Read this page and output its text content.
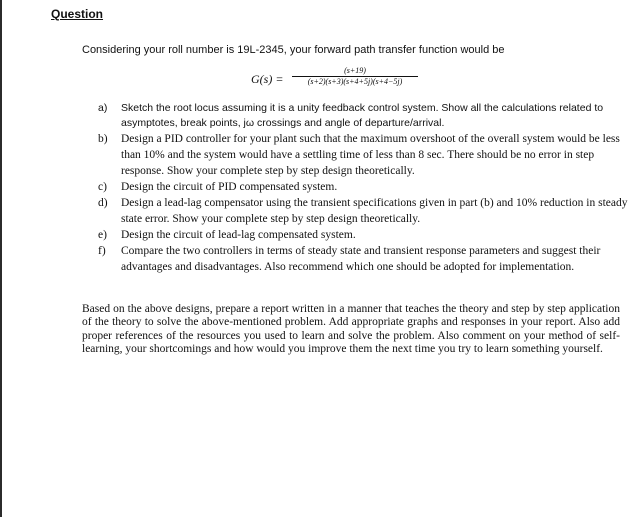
Question
Considering your roll number is 19L-2345, your forward path transfer function would be
$G(s) = \frac{(s+19)}{(s+2)(s+3)(s+4+5j)(s+4-5j)}$
a) Sketch the root locus assuming it is a unity feedback control system. Show all the calculations related to asymptotes, break points, jω crossings and angle of departure/arrival.
b) Design a PID controller for your plant such that the maximum overshoot of the overall system would be less than 10% and the system would have a settling time of less than 8 sec. There should be no error in step response. Show your complete step by step design theoretically.
c) Design the circuit of PID compensated system.
d) Design a lead-lag compensator using the transient specifications given in part (b) and 10% reduction in steady state error. Show your complete step by step design theoretically.
e) Design the circuit of lead-lag compensated system.
f) Compare the two controllers in terms of steady state and transient response parameters and suggest their advantages and disadvantages. Also recommend which one should be adopted for implementation.
Based on the above designs, prepare a report written in a manner that teaches the theory and step by step application of the theory to solve the above-mentioned problem. Add appropriate graphs and responses in your report. Also add proper references of the resources you used to learn and solve the problem. Also comment on your method of self-learning, your shortcomings and how would you improve them the next time you try to learn something yourself.
